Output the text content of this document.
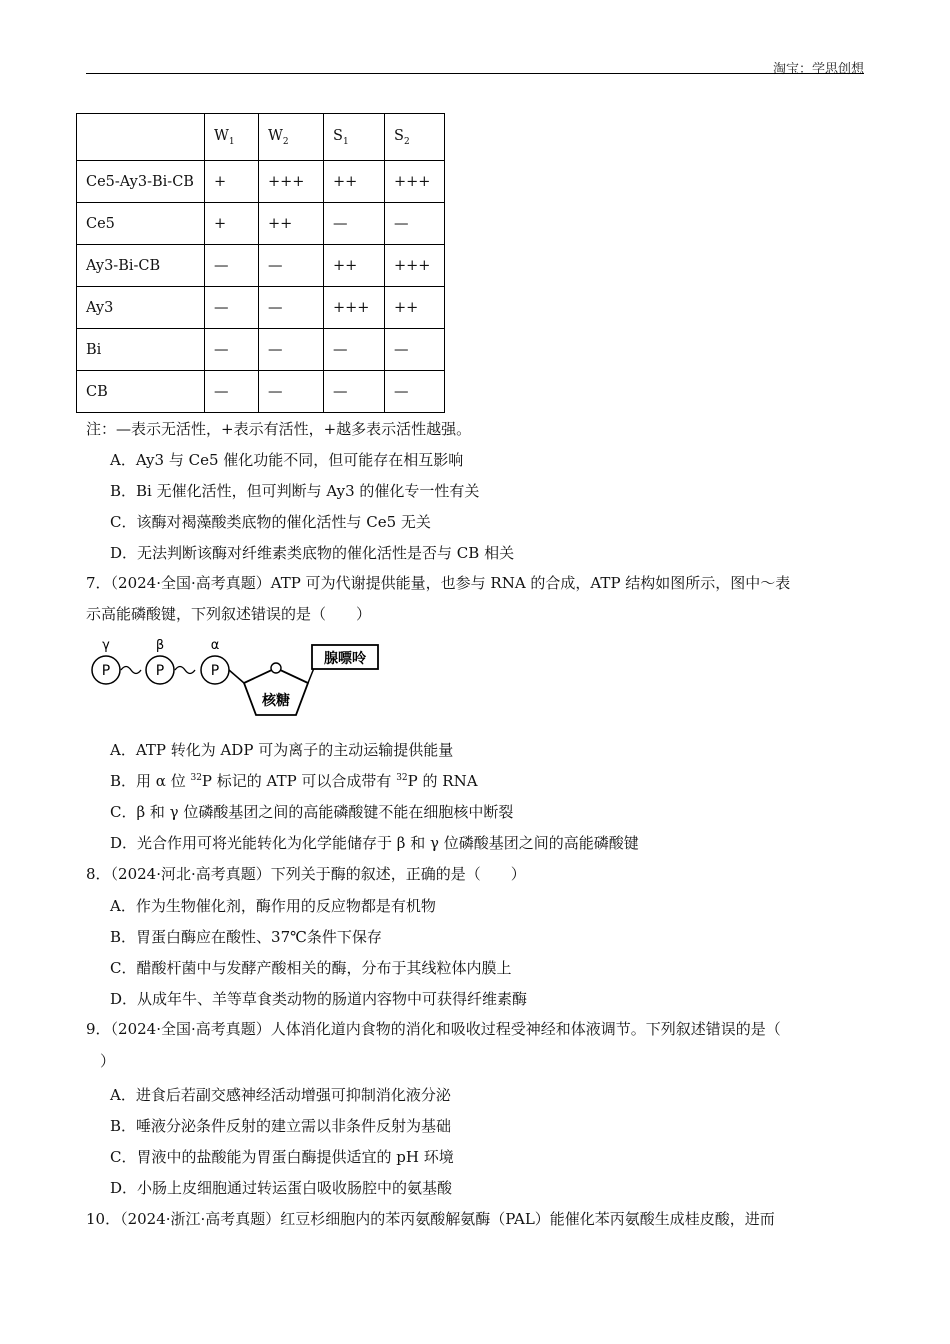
淘宝：学思创想
	$W_1$	$W_2$	$S_1$	$S_2$
Ce5-Ay3-Bi-CB	+	+++	++	+++
Ce5	+	++	—	—
Ay3-Bi-CB	—	—	++	+++
Ay3	—	—	+++	++
Bi	—	—	—	—
CB	—	—	—	—
注：—表示无活性，+表示有活性，+越多表示活性越强。
A．Ay3 与 Ce5 催化功能不同，但可能存在相互影响
B．Bi 无催化活性，但可判断与 Ay3 的催化专一性有关
C．该酶对褐藻酸类底物的催化活性与 Ce5 无关
D．无法判断该酶对纤维素类底物的催化活性是否与 CB 相关
7．（2024·全国·高考真题）ATP 可为代谢提供能量，也参与 RNA 的合成，ATP 结构如图所示，图中～表
示高能磷酸键，下列叙述错误的是（　　）
γ	β	α
P	P	P
核糖
腺嘌呤
A．ATP 转化为 ADP 可为离子的主动运输提供能量
B．用 α 位 $^{32}$P 标记的 ATP 可以合成带有 $^{32}$P 的 RNA
C．β 和 γ 位磷酸基团之间的高能磷酸键不能在细胞核中断裂
D．光合作用可将光能转化为化学能储存于 β 和 γ 位磷酸基团之间的高能磷酸键
8．（2024·河北·高考真题）下列关于酶的叙述，正确的是（　　）
A．作为生物催化剂，酶作用的反应物都是有机物
B．胃蛋白酶应在酸性、37℃条件下保存
C．醋酸杆菌中与发酵产酸相关的酶，分布于其线粒体内膜上
D．从成年牛、羊等草食类动物的肠道内容物中可获得纤维素酶
9．（2024·全国·高考真题）人体消化道内食物的消化和吸收过程受神经和体液调节。下列叙述错误的是（
）
A．进食后若副交感神经活动增强可抑制消化液分泌
B．唾液分泌条件反射的建立需以非条件反射为基础
C．胃液中的盐酸能为胃蛋白酶提供适宜的 pH 环境
D．小肠上皮细胞通过转运蛋白吸收肠腔中的氨基酸
10．（2024·浙江·高考真题）红豆杉细胞内的苯丙氨酸解氨酶（PAL）能催化苯丙氨酸生成桂皮酸，进而
